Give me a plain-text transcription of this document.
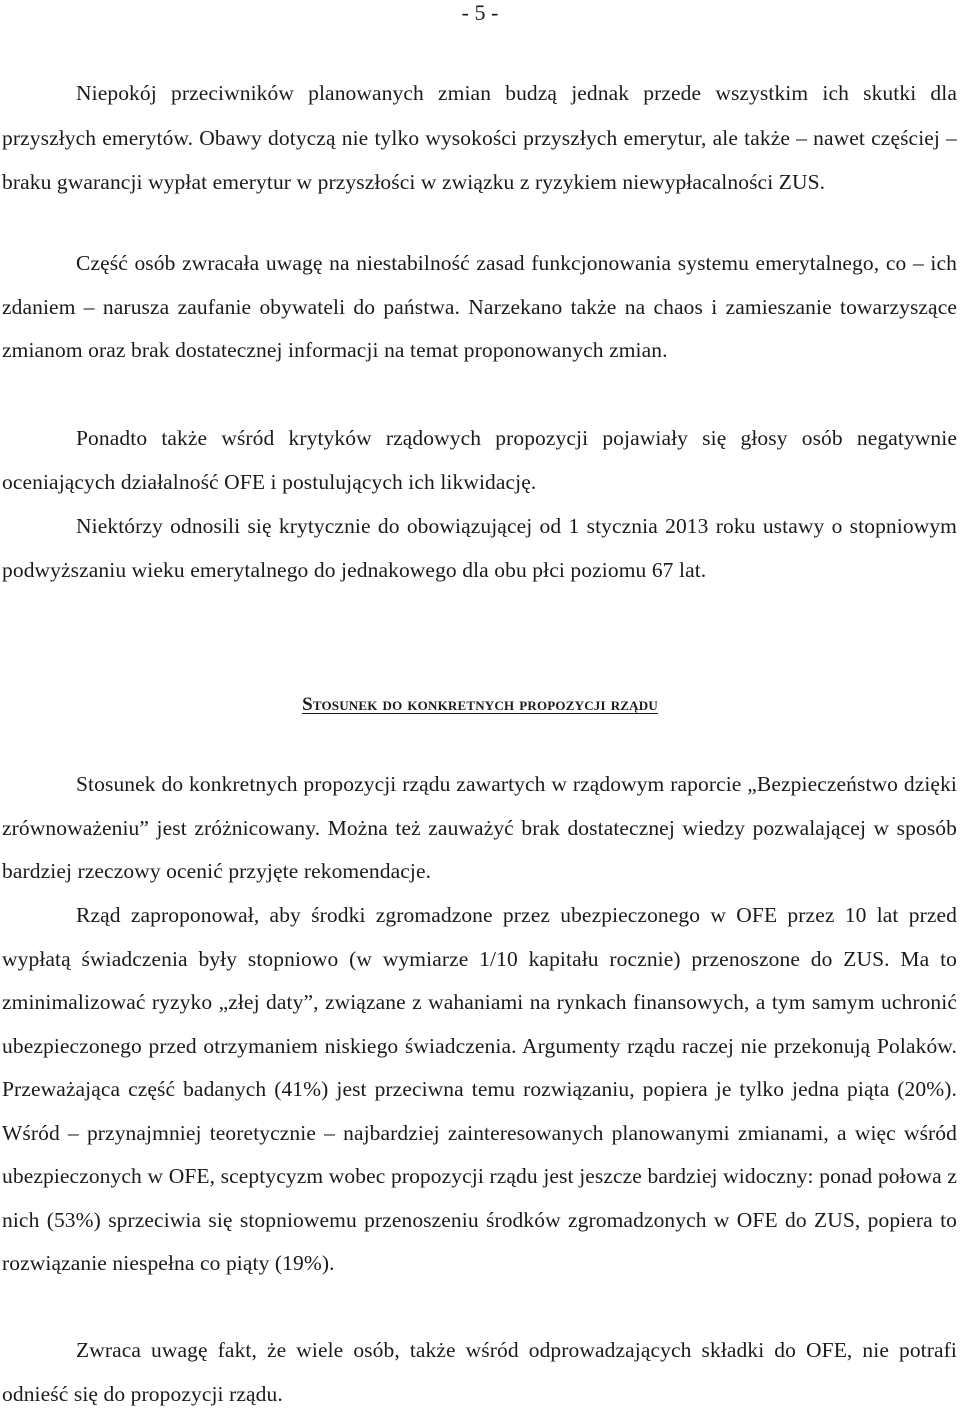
- 5 -

Niepokój przeciwników planowanych zmian budzą jednak przede wszystkim ich skutki dla przyszłych emerytów. Obawy dotyczą nie tylko wysokości przyszłych emerytur, ale także – nawet częściej – braku gwarancji wypłat emerytur w przyszłości w związku z ryzykiem niewypłacalności ZUS.

Część osób zwracała uwagę na niestabilność zasad funkcjonowania systemu emerytalnego, co – ich zdaniem – narusza zaufanie obywateli do państwa. Narzekano także na chaos i zamieszanie towarzyszące zmianom oraz brak dostatecznej informacji na temat proponowanych zmian.

Ponadto także wśród krytyków rządowych propozycji pojawiały się głosy osób negatywnie oceniających działalność OFE i postulujących ich likwidację.

Niektórzy odnosili się krytycznie do obowiązującej od 1 stycznia 2013 roku ustawy o stopniowym podwyższaniu wieku emerytalnego do jednakowego dla obu płci poziomu 67 lat.

Stosunek do konkretnych propozycji rządu

Stosunek do konkretnych propozycji rządu zawartych w rządowym raporcie „Bezpieczeństwo dzięki zrównoważeniu” jest zróżnicowany. Można też zauważyć brak dostatecznej wiedzy pozwalającej w sposób bardziej rzeczowy ocenić przyjęte rekomendacje.

Rząd zaproponował, aby środki zgromadzone przez ubezpieczonego w OFE przez 10 lat przed wypłatą świadczenia były stopniowo (w wymiarze 1/10 kapitału rocznie) przenoszone do ZUS. Ma to zminimalizować ryzyko „złej daty”, związane z wahaniami na rynkach finansowych, a tym samym uchronić ubezpieczonego przed otrzymaniem niskiego świadczenia. Argumenty rządu raczej nie przekonują Polaków. Przeważająca część badanych (41%) jest przeciwna temu rozwiązaniu, popiera je tylko jedna piąta (20%). Wśród – przynajmniej teoretycznie – najbardziej zainteresowanych planowanymi zmianami, a więc wśród ubezpieczonych w OFE, sceptycyzm wobec propozycji rządu jest jeszcze bardziej widoczny: ponad połowa z nich (53%) sprzeciwia się stopniowemu przenoszeniu środków zgromadzonych w OFE do ZUS, popiera to rozwiązanie niespełna co piąty (19%).

Zwraca uwagę fakt, że wiele osób, także wśród odprowadzających składki do OFE, nie potrafi odnieść się do propozycji rządu.
